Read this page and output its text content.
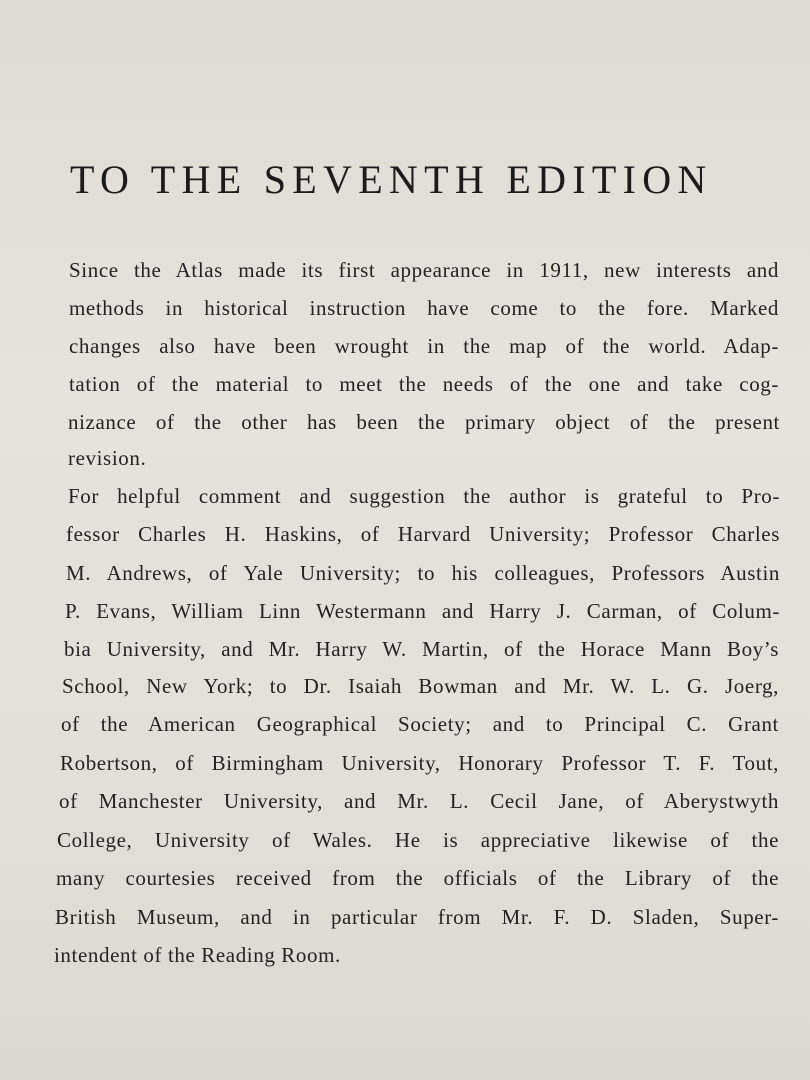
TO THE SEVENTH EDITION
Since the Atlas made its first appearance in 1911, new interests and
methods in historical instruction have come to the fore. Marked
changes also have been wrought in the map of the world. Adap-
tation of the material to meet the needs of the one and take cog-
nizance of the other has been the primary object of the present
revision.
For helpful comment and suggestion the author is grateful to Pro-
fessor Charles H. Haskins, of Harvard University; Professor Charles
M. Andrews, of Yale University; to his colleagues, Professors Austin
P. Evans, William Linn Westermann and Harry J. Carman, of Colum-
bia University, and Mr. Harry W. Martin, of the Horace Mann Boy’s
School, New York; to Dr. Isaiah Bowman and Mr. W. L. G. Joerg,
of the American Geographical Society; and to Principal C. Grant
Robertson, of Birmingham University, Honorary Professor T. F. Tout,
of Manchester University, and Mr. L. Cecil Jane, of Aberystwyth
College, University of Wales. He is appreciative likewise of the
many courtesies received from the officials of the Library of the
British Museum, and in particular from Mr. F. D. Sladen, Super-
intendent of the Reading Room.
